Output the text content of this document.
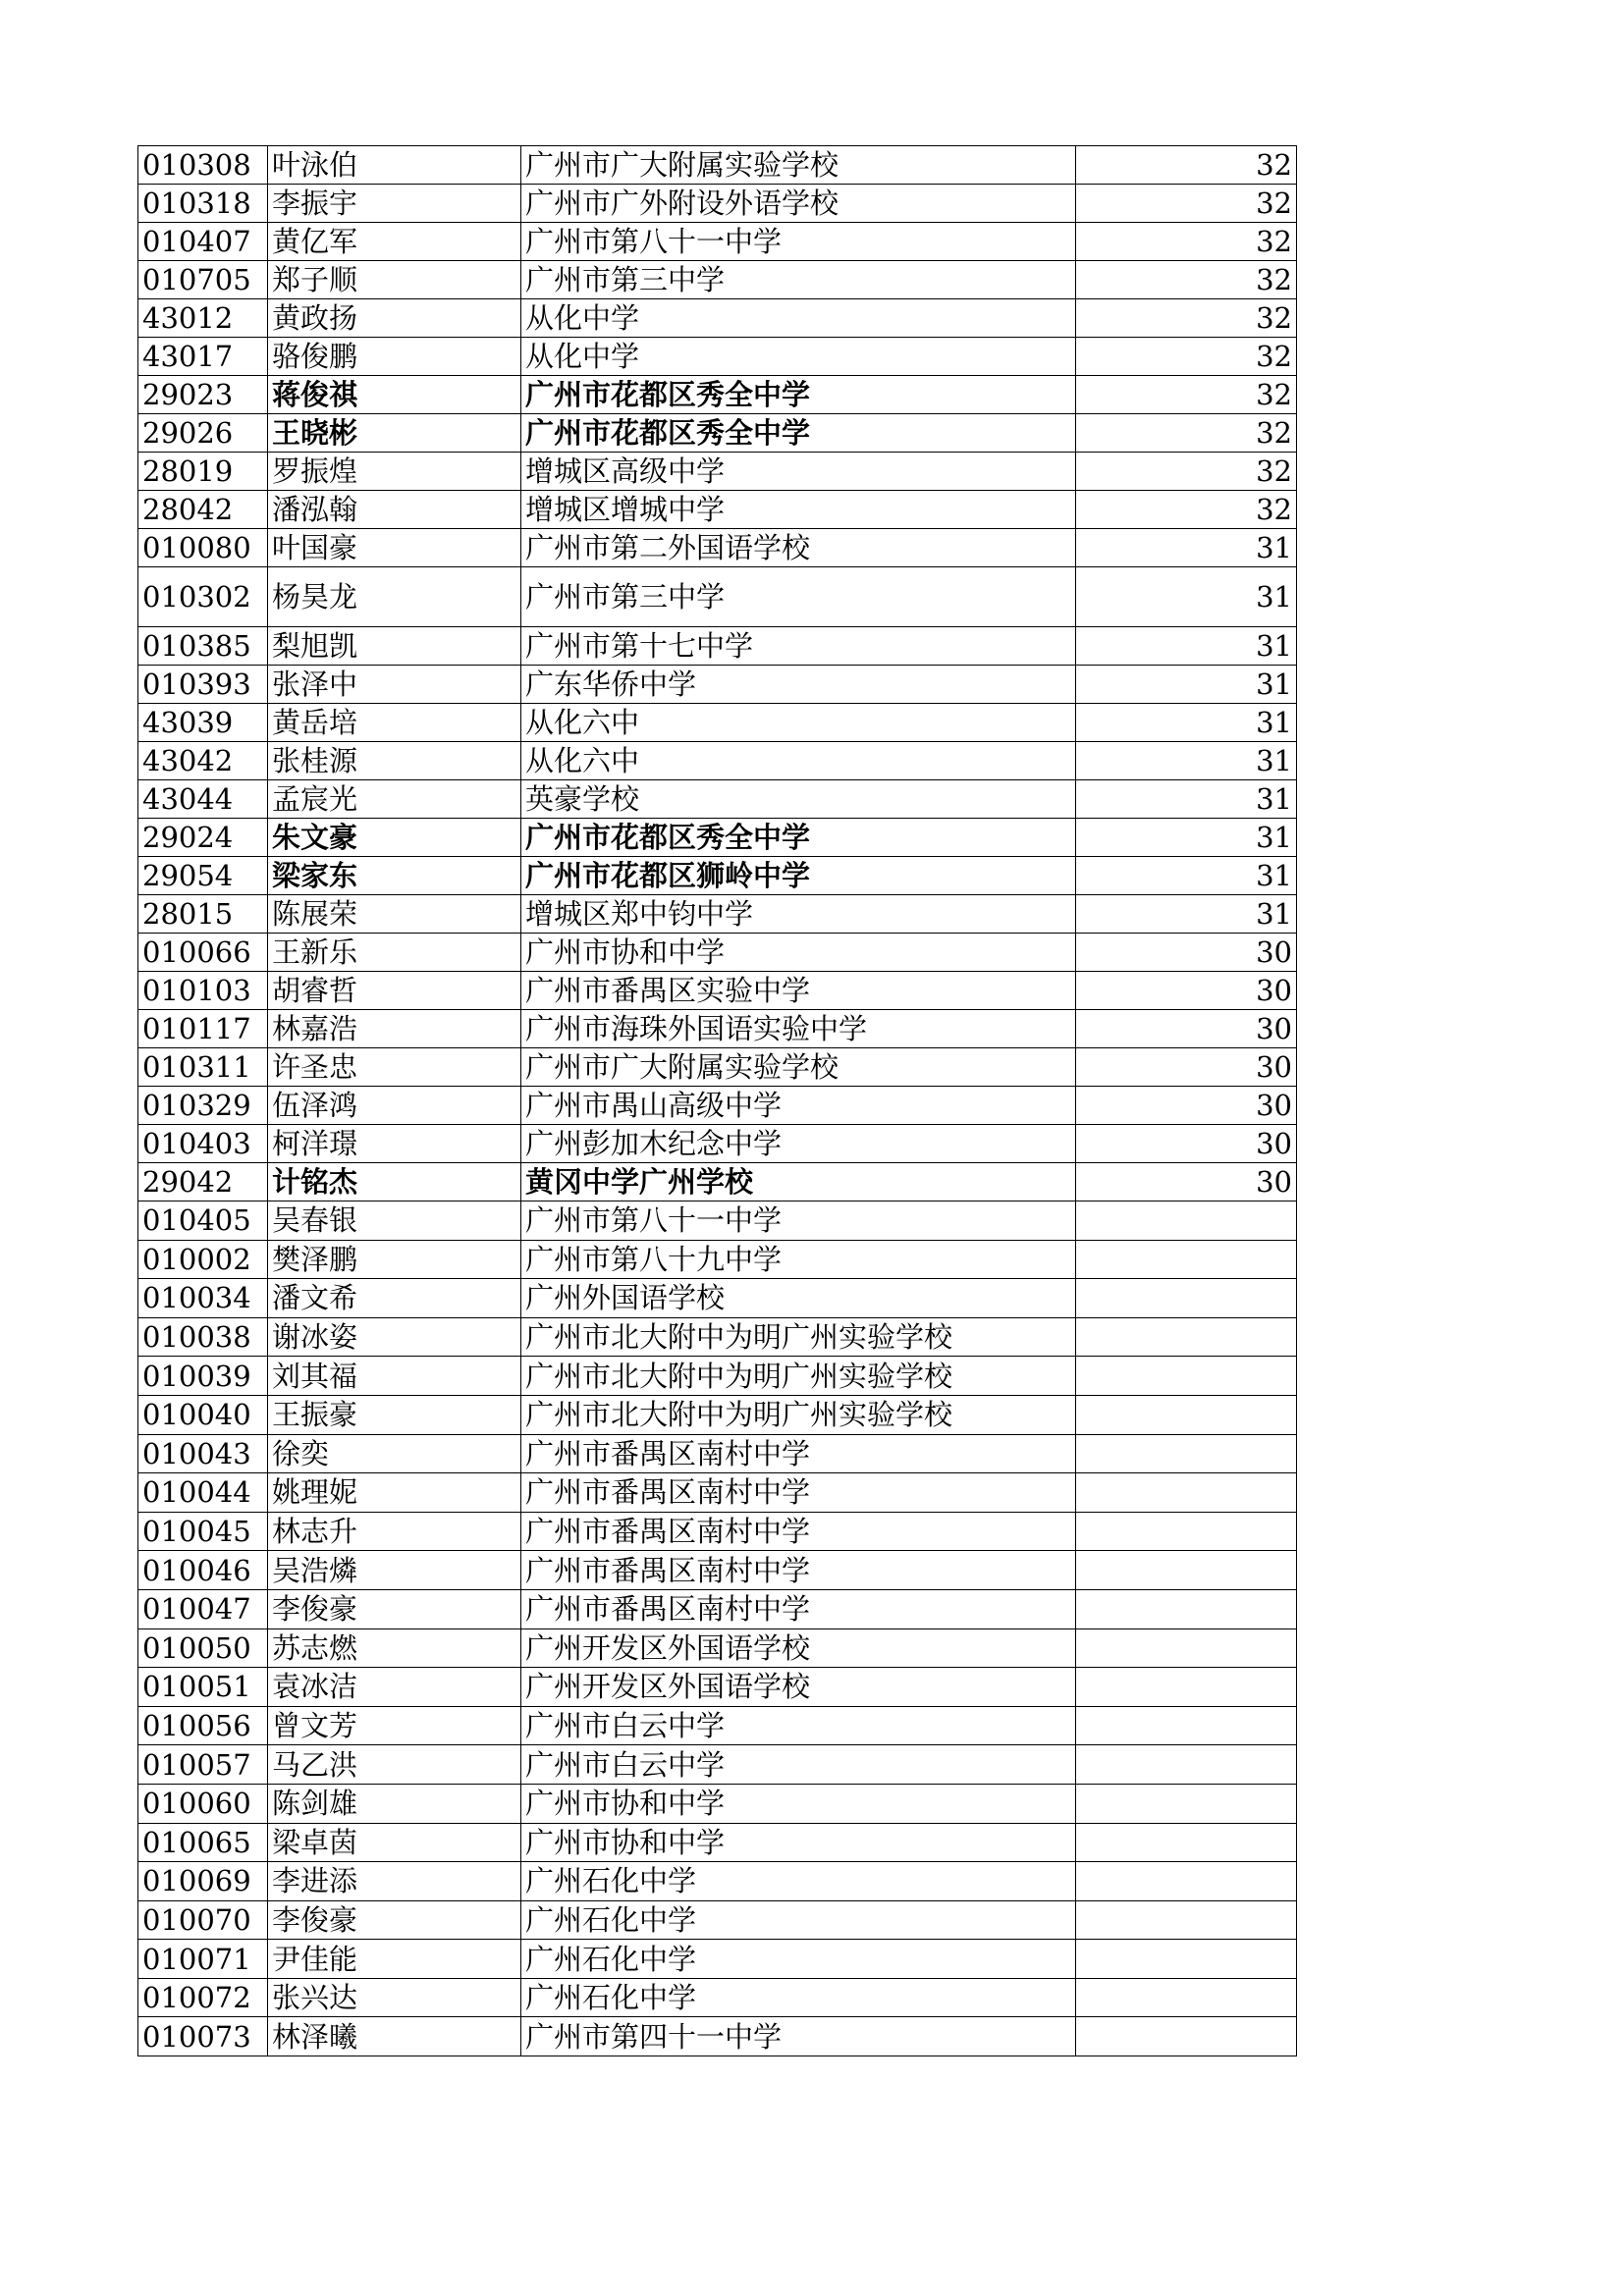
010308	叶泳伯	广州市广大附属实验学校	32
010318	李振宇	广州市广外附设外语学校	32
010407	黄亿军	广州市第八十一中学	32
010705	郑子顺	广州市第三中学	32
43012	黄政扬	从化中学	32
43017	骆俊鹏	从化中学	32
29023	蒋俊祺	广州市花都区秀全中学	32
29026	王晓彬	广州市花都区秀全中学	32
28019	罗振煌	增城区高级中学	32
28042	潘泓翰	增城区增城中学	32
010080	叶国豪	广州市第二外国语学校	31
010302	杨昊龙	广州市第三中学	31
010385	梨旭凯	广州市第十七中学	31
010393	张泽中	广东华侨中学	31
43039	黄岳培	从化六中	31
43042	张桂源	从化六中	31
43044	孟宸光	英豪学校	31
29024	朱文豪	广州市花都区秀全中学	31
29054	梁家东	广州市花都区狮岭中学	31
28015	陈展荣	增城区郑中钧中学	31
010066	王新乐	广州市协和中学	30
010103	胡睿哲	广州市番禺区实验中学	30
010117	林嘉浩	广州市海珠外国语实验中学	30
010311	许圣忠	广州市广大附属实验学校	30
010329	伍泽鸿	广州市禺山高级中学	30
010403	柯洋璟	广州彭加木纪念中学	30
29042	计铭杰	黄冈中学广州学校	30
010405	吴春银	广州市第八十一中学	
010002	樊泽鹏	广州市第八十九中学	
010034	潘文希	广州外国语学校	
010038	谢冰姿	广州市北大附中为明广州实验学校	
010039	刘其福	广州市北大附中为明广州实验学校	
010040	王振豪	广州市北大附中为明广州实验学校	
010043	徐奕	广州市番禺区南村中学	
010044	姚理妮	广州市番禺区南村中学	
010045	林志升	广州市番禺区南村中学	
010046	吴浩燐	广州市番禺区南村中学	
010047	李俊豪	广州市番禺区南村中学	
010050	苏志燃	广州开发区外国语学校	
010051	袁冰洁	广州开发区外国语学校	
010056	曾文芳	广州市白云中学	
010057	马乙洪	广州市白云中学	
010060	陈剑雄	广州市协和中学	
010065	梁卓茵	广州市协和中学	
010069	李进添	广州石化中学	
010070	李俊豪	广州石化中学	
010071	尹佳能	广州石化中学	
010072	张兴达	广州石化中学	
010073	林泽曦	广州市第四十一中学	
